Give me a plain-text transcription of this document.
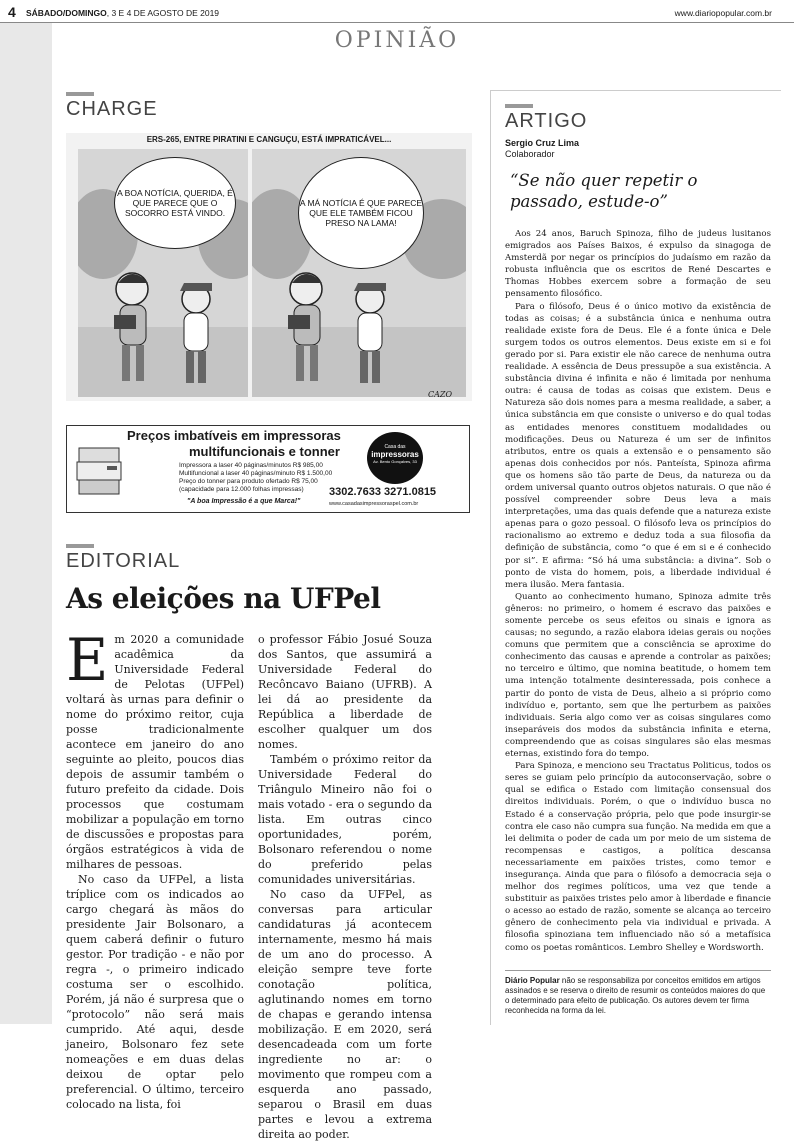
4 SÁBADO/DOMINGO, 3 E 4 DE AGOSTO DE 2019	www.diariopopular.com.br
OPINIÃO
CHARGE
ERS-265, ENTRE PIRATINI E CANGUÇU, ESTÁ IMPRATICÁVEL...
A BOA NOTÍCIA, QUERIDA, É QUE PARECE QUE O SOCORRO ESTÁ VINDO.
A MÁ NOTÍCIA É QUE PARECE QUE ELE TAMBÉM FICOU PRESO NA LAMA!
CAZO
Preços imbatíveis em impressoras
multifuncionais e tonner
Impressora a laser 40 páginas/minutos R$ 985,00
Multifuncional a laser 40 páginas/minuto R$ 1.500,00
Preço do tonner para produto ofertado R$ 75,00
(capacidade para 12.000 folhas impressas)
"A boa Impressão é a que Marca!"
Casa das
impressoras
Av. Bento Gonçalves, 33
3302.7633 3271.0815
www.casadasimpressoraspel.com.br
EDITORIAL
As eleições na UFPel

Em 2020 a comunidade acadêmica da Universidade Federal de Pelotas (UFPel) voltará às urnas para definir o nome do próximo reitor, cuja posse tradicionalmente acontece em janeiro do ano seguinte ao pleito, poucos dias depois de assumir também o futuro prefeito da cidade. Dois processos que costumam mobilizar a população em torno de discussões e propostas para órgãos estratégicos à vida de milhares de pessoas.

No caso da UFPel, a lista tríplice com os indicados ao cargo chegará às mãos do presidente Jair Bolsonaro, a quem caberá definir o futuro gestor. Por tradição - e não por regra -, o primeiro indicado costuma ser o escolhido. Porém, já não é surpresa que o “protocolo” não será mais cumprido. Até aqui, desde janeiro, Bolsonaro fez sete nomeações e em duas delas deixou de optar pelo preferencial. O último, terceiro colocado na lista, foi

o professor Fábio Josué Souza dos Santos, que assumirá a Universidade Federal do Recôncavo Baiano (UFRB). A lei dá ao presidente da República a liberdade de escolher qualquer um dos nomes.

Também o próximo reitor da Universidade Federal do Triângulo Mineiro não foi o mais votado - era o segundo da lista. Em outras cinco oportunidades, porém, Bolsonaro referendou o nome do preferido pelas comunidades universitárias.

No caso da UFPel, as conversas para articular candidaturas já acontecem internamente, mesmo há mais de um ano do processo. A eleição sempre teve forte conotação política, aglutinando nomes em torno de chapas e gerando intensa mobilização. E em 2020, será desencadeada com um forte ingrediente no ar: o movimento que rompeu com a esquerda ano passado, separou o Brasil em duas partes e levou a extrema direita ao poder.

ARTIGO
Sergio Cruz Lima
Colaborador
“Se não quer repetir o passado, estude-o”

Aos 24 anos, Baruch Spinoza, filho de judeus lusitanos emigrados aos Países Baixos, é expulso da sinagoga de Amsterdã por negar os princípios do judaísmo em razão da robusta influência que os escritos de René Descartes e Thomas Hobbes exercem sobre a formação de seu pensamento filosófico.

Para o filósofo, Deus é o único motivo da existência de todas as coisas; é a substância única e nenhuma outra realidade existe fora de Deus. Ele é a fonte única e Dele surgem todos os outros elementos. Deus existe em si e foi gerado por si. Para existir ele não carece de nenhuma outra realidade. A essência de Deus pressupõe a sua existência. A substância divina é infinita e não é limitada por nenhuma outra: é causa de todas as coisas que existem. Deus e Natureza são dois nomes para a mesma realidade, a saber, a única substância em que consiste o universo e do qual todas as entidades menores constituem modalidades ou modificações. Deus ou Natureza é um ser de infinitos atributos, entre os quais a extensão e o pensamento são apenas dois conhecidos por nós. Panteísta, Spinoza afirma que os homens são tão parte de Deus, da natureza ou da ordem universal quanto outros objetos naturais. O que não é possível compreender sobre Deus leva a mais interpretações, uma das quais defende que a natureza existe apenas para o gozo pessoal. O filósofo leva os princípios do racionalismo ao extremo e deduz toda a sua filosofia da definição de substância, como “o que é em si e é conhecido por si”. E afirma: “Só há uma substância: a divina”. Sob o ponto de vista do homem, pois, a liberdade individual é mera ilusão. Mera fantasia.

Quanto ao conhecimento humano, Spinoza admite três gêneros: no primeiro, o homem é escravo das paixões e somente percebe os seus efeitos ou sinais e ignora as causas; no segundo, a razão elabora ideias gerais ou noções comuns que permitem que a consciência se aproxime do conhecimento das causas e aprende a controlar as paixões; no terceiro e último, que nomina beatitude, o homem tem uma intenção totalmente desinteressada, pois conhece a partir do ponto de vista de Deus, alheio a si próprio como indivíduo e, portanto, sem que lhe perturbem as paixões individuais. Seria algo como ver as coisas singulares como inseparáveis dos modos da substância infinita e eterna, compreendendo que as coisas singulares são elas mesmas eternas, existindo fora do tempo.

Para Spinoza, e menciono seu Tractatus Politicus, todos os seres se guiam pelo princípio da autoconservação, sobre o qual se edifica o Estado com limitação consensual dos direitos individuais. Porém, o que o indivíduo busca no Estado é a conservação própria, pelo que pode insurgir-se contra ele caso não cumpra sua função. Na medida em que a lei delimita o poder de cada um por meio de um sistema de recompensas e castigos, a política descansa necessariamente em paixões tristes, como temor e insegurança. Ainda que para o filósofo a democracia seja o melhor dos regimes políticos, uma vez que tende a substituir as paixões tristes pelo amor à liberdade e financie o acesso ao estado de razão, somente se alcança ao terceiro gênero de conhecimento pela via individual e privada. A filosofia spinoziana tem influenciado não só a metafísica como os poetas românticos. Lembro Shelley e Wordsworth.

Diário Popular não se responsabiliza por conceitos emitidos em artigos assinados e se reserva o direito de resumir os conteúdos maiores do que o determinado para efeito de publicação. Os autores devem ter firma reconhecida na forma da lei.
